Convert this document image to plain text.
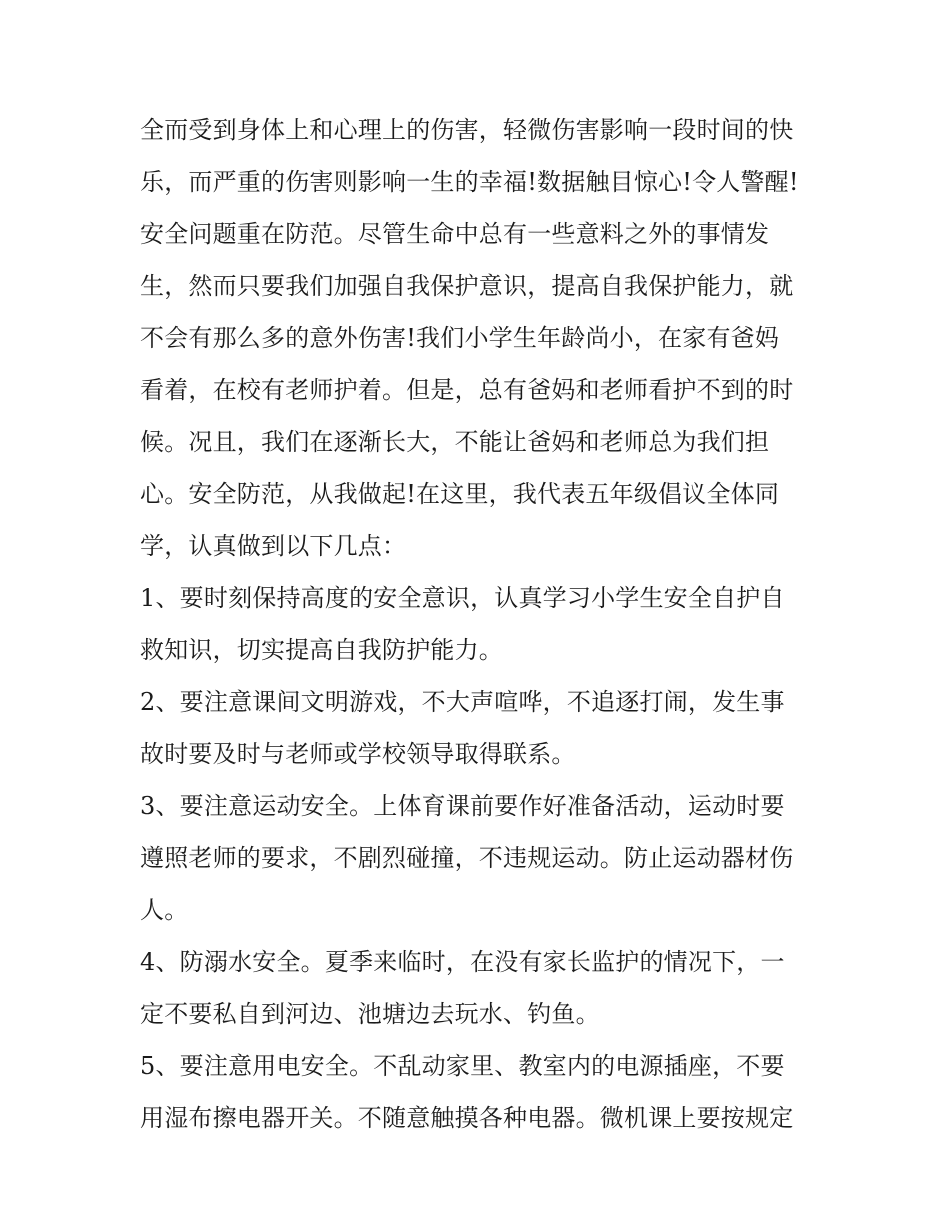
全而受到身体上和心理上的伤害，轻微伤害影响一段时间的快
乐，而严重的伤害则影响一生的幸福!数据触目惊心!令人警醒!
安全问题重在防范。尽管生命中总有一些意料之外的事情发
生，然而只要我们加强自我保护意识，提高自我保护能力，就
不会有那么多的意外伤害!我们小学生年龄尚小，在家有爸妈
看着，在校有老师护着。但是，总有爸妈和老师看护不到的时
候。况且，我们在逐渐长大，不能让爸妈和老师总为我们担
心。安全防范，从我做起!在这里，我代表五年级倡议全体同
学，认真做到以下几点：
1、要时刻保持高度的安全意识，认真学习小学生安全自护自
救知识，切实提高自我防护能力。
2、要注意课间文明游戏，不大声喧哗，不追逐打闹，发生事
故时要及时与老师或学校领导取得联系。
3、要注意运动安全。上体育课前要作好准备活动，运动时要
遵照老师的要求，不剧烈碰撞，不违规运动。防止运动器材伤
人。
4、防溺水安全。夏季来临时，在没有家长监护的情况下，一
定不要私自到河边、池塘边去玩水、钓鱼。
5、要注意用电安全。不乱动家里、教室内的电源插座，不要
用湿布擦电器开关。不随意触摸各种电器。微机课上要按规定
